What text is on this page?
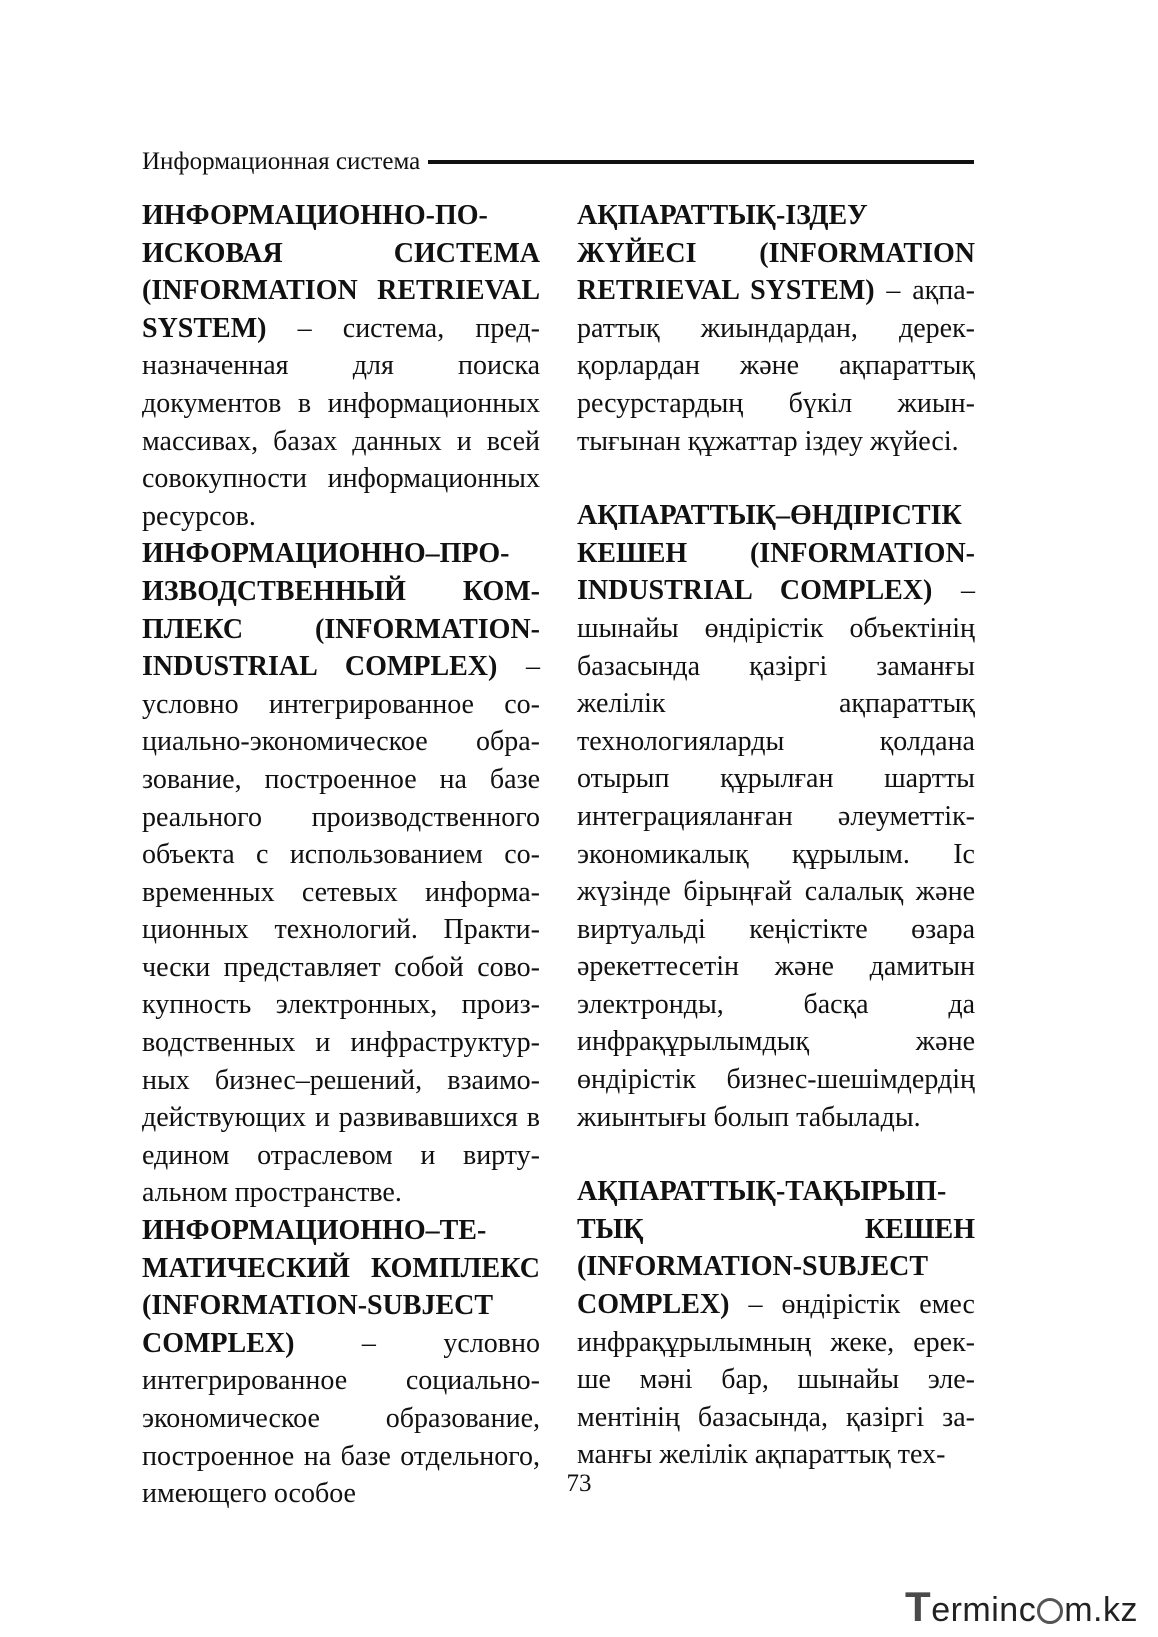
Информационная система

ИНФОРМАЦИОННО-ПОИСКОВАЯ СИСТЕМА (INFORMATION RETRIEVAL SYSTEM) – система, предназначенная для поиска документов в информационных массивах, базах данных и всей совокупности информационных ресурсов.

ИНФОРМАЦИОННО–ПРОИЗВОДСТВЕННЫЙ КОМПЛЕКС (INFORMATION-INDUSTRIAL COMPLEX) – условно интегрированное социально-экономическое образование, построенное на базе реального производственного объекта с использованием современных сетевых информационных технологий. Практически представляет собой совокупность электронных, производственных и инфраструктурных бизнес–решений, взаимодействующих и развивавшихся в едином отраслевом и виртуальном пространстве.

ИНФОРМАЦИОННО–ТЕМАТИЧЕСКИЙ КОМПЛЕКС (INFORMATION-SUBJECT COMPLEX) – условно интегрированное социально- экономическое образование, построенное на базе отдельного, имеющего особое

АҚПАРАТТЫҚ-ІЗДЕУ ЖҮЙЕСІ (INFORMATION RETRIEVAL SYSTEM) – ақпараттық жиындардан, дерекқорлардан және ақпараттық ресурстардың бүкіл жиынтығынан құжаттар іздеу жүйесі.

АҚПАРАТТЫҚ–ӨНДІРІСТІК КЕШЕН (INFORMATION-INDUSTRIAL COMPLEX) – шынайы өндірістік объектінің базасында қазіргі заманғы желілік ақпараттық технологияларды қолдана отырып құрылған шартты интеграцияланған әлеуметтік-экономикалық құрылым. Іс жүзінде бірыңғай салалық және виртуальді кеңістікте өзара әрекеттесетін және дамитын электронды, басқа да инфрақұрылымдық және өндірістік бизнес-шешімдердің жиынтығы болып табылады.

АҚПАРАТТЫҚ-ТАҚЫРЫПТЫҚ КЕШЕН (INFORMATION-SUBJECT COMPLEX) – өндірістік емес инфрақұрылымның жеке, ерекше мәні бар, шынайы элементінің базасында, қазіргі заманғы желілік ақпараттық тех-

73
T erminc m.kz
